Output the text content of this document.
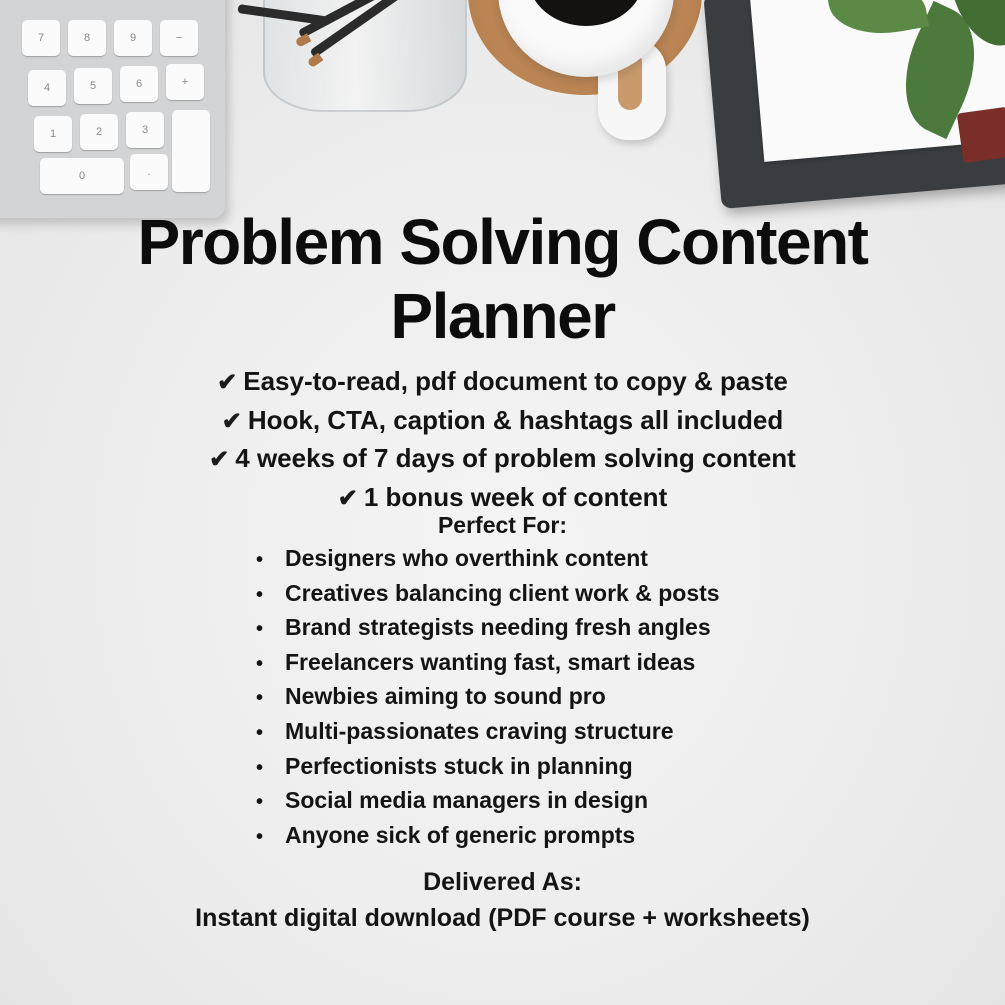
7	8	9	−
4	5	6	+
1	2	3
0	.
Problem Solving Content
Planner
✔ Easy-to-read, pdf document to copy & paste
✔ Hook, CTA, caption & hashtags all included
✔ 4 weeks of 7 days of problem solving content
✔ 1 bonus week of content
Perfect For:
• Designers who overthink content
• Creatives balancing client work & posts
• Brand strategists needing fresh angles
• Freelancers wanting fast, smart ideas
• Newbies aiming to sound pro
• Multi-passionates craving structure
• Perfectionists stuck in planning
• Social media managers in design
• Anyone sick of generic prompts
Delivered As:
Instant digital download (PDF course + worksheets)
